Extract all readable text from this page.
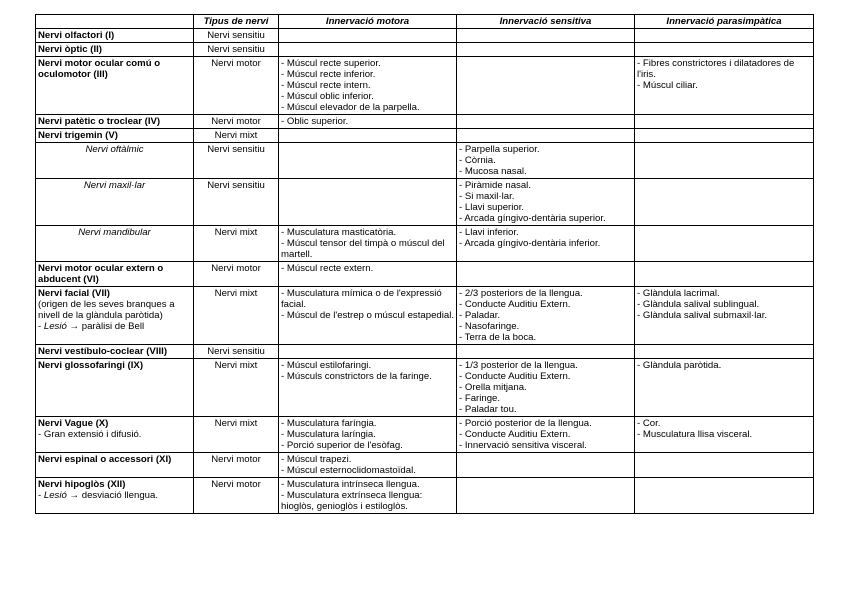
	Tipus de nervi	Innervació motora	Innervació sensitiva	Innervació parasimpàtica
Nervi olfactori (I)	Nervi sensitiu			
Nervi òptic (II)	Nervi sensitiu			
Nervi motor ocular comú o oculomotor (III)	Nervi motor	- Múscul recte superior.
- Múscul recte inferior.
- Múscul recte intern.
- Múscul oblic inferior.
- Múscul elevador de la parpella.		- Fibres constrictores i dilatadores de l'iris.
- Múscul ciliar.

Nervi patètic o troclear (IV)	Nervi motor	- Oblic superior.		

Nervi trigemin (V)	Nervi mixt			
Nervi oftàlmic	Nervi sensitiu		- Parpella superior.
- Còrnia.
- Mucosa nasal.	

Nervi maxil·lar	Nervi sensitiu		- Piràmide nasal.
- Si maxil·lar.
- Llavi superior.
- Arcada gíngivo-dentària superior.	

Nervi mandibular	Nervi mixt	- Musculatura masticatòria.
- Múscul tensor del timpà o múscul del martell.	- Llavi inferior.
- Arcada gíngivo-dentària inferior.	

Nervi motor ocular extern o abducent (VI)	Nervi motor	- Múscul recte extern.		

Nervi facial (VII)
(origen de les seves branques a nivell de la glàndula paròtida)
- Lesió → paràlisi de Bell	Nervi mixt	- Musculatura mímica o de l'expressió facial.
- Múscul de l'estrep o múscul estapedial.	- 2/3 posteriors de la llengua.
- Conducte Auditiu Extern.
- Paladar.
- Nasofaringe.
- Terra de la boca.	- Glàndula lacrimal.
- Glàndula salival sublingual.
- Glàndula salival submaxil·lar.

Nervi vestíbulo-coclear (VIII)	Nervi sensitiu			
Nervi glossofaringi (IX)	Nervi mixt	- Múscul estilofaringi.
- Músculs constrictors de la faringe.	- 1/3 posterior de la llengua.
- Conducte Auditiu Extern.
- Orella mitjana.
- Faringe.
- Paladar tou.	- Glàndula paròtida.

Nervi Vague (X)
- Gran extensió i difusió.	Nervi mixt	- Musculatura faríngia.
- Musculatura laríngia.
- Porció superior de l'esòfag.	- Porció posterior de la llengua.
- Conducte Auditiu Extern.
- Innervació sensitiva visceral.	- Cor.
- Musculatura llisa visceral.

Nervi espinal o accessori (XI)	Nervi motor	- Múscul trapezi.
- Múscul esternoclidomastoïdal.		

Nervi hipoglòs (XII)
- Lesió → desviació llengua.	Nervi motor	- Musculatura intrínseca llengua.
- Musculatura extrínseca llengua: hioglòs, genioglòs i estiloglòs.		
